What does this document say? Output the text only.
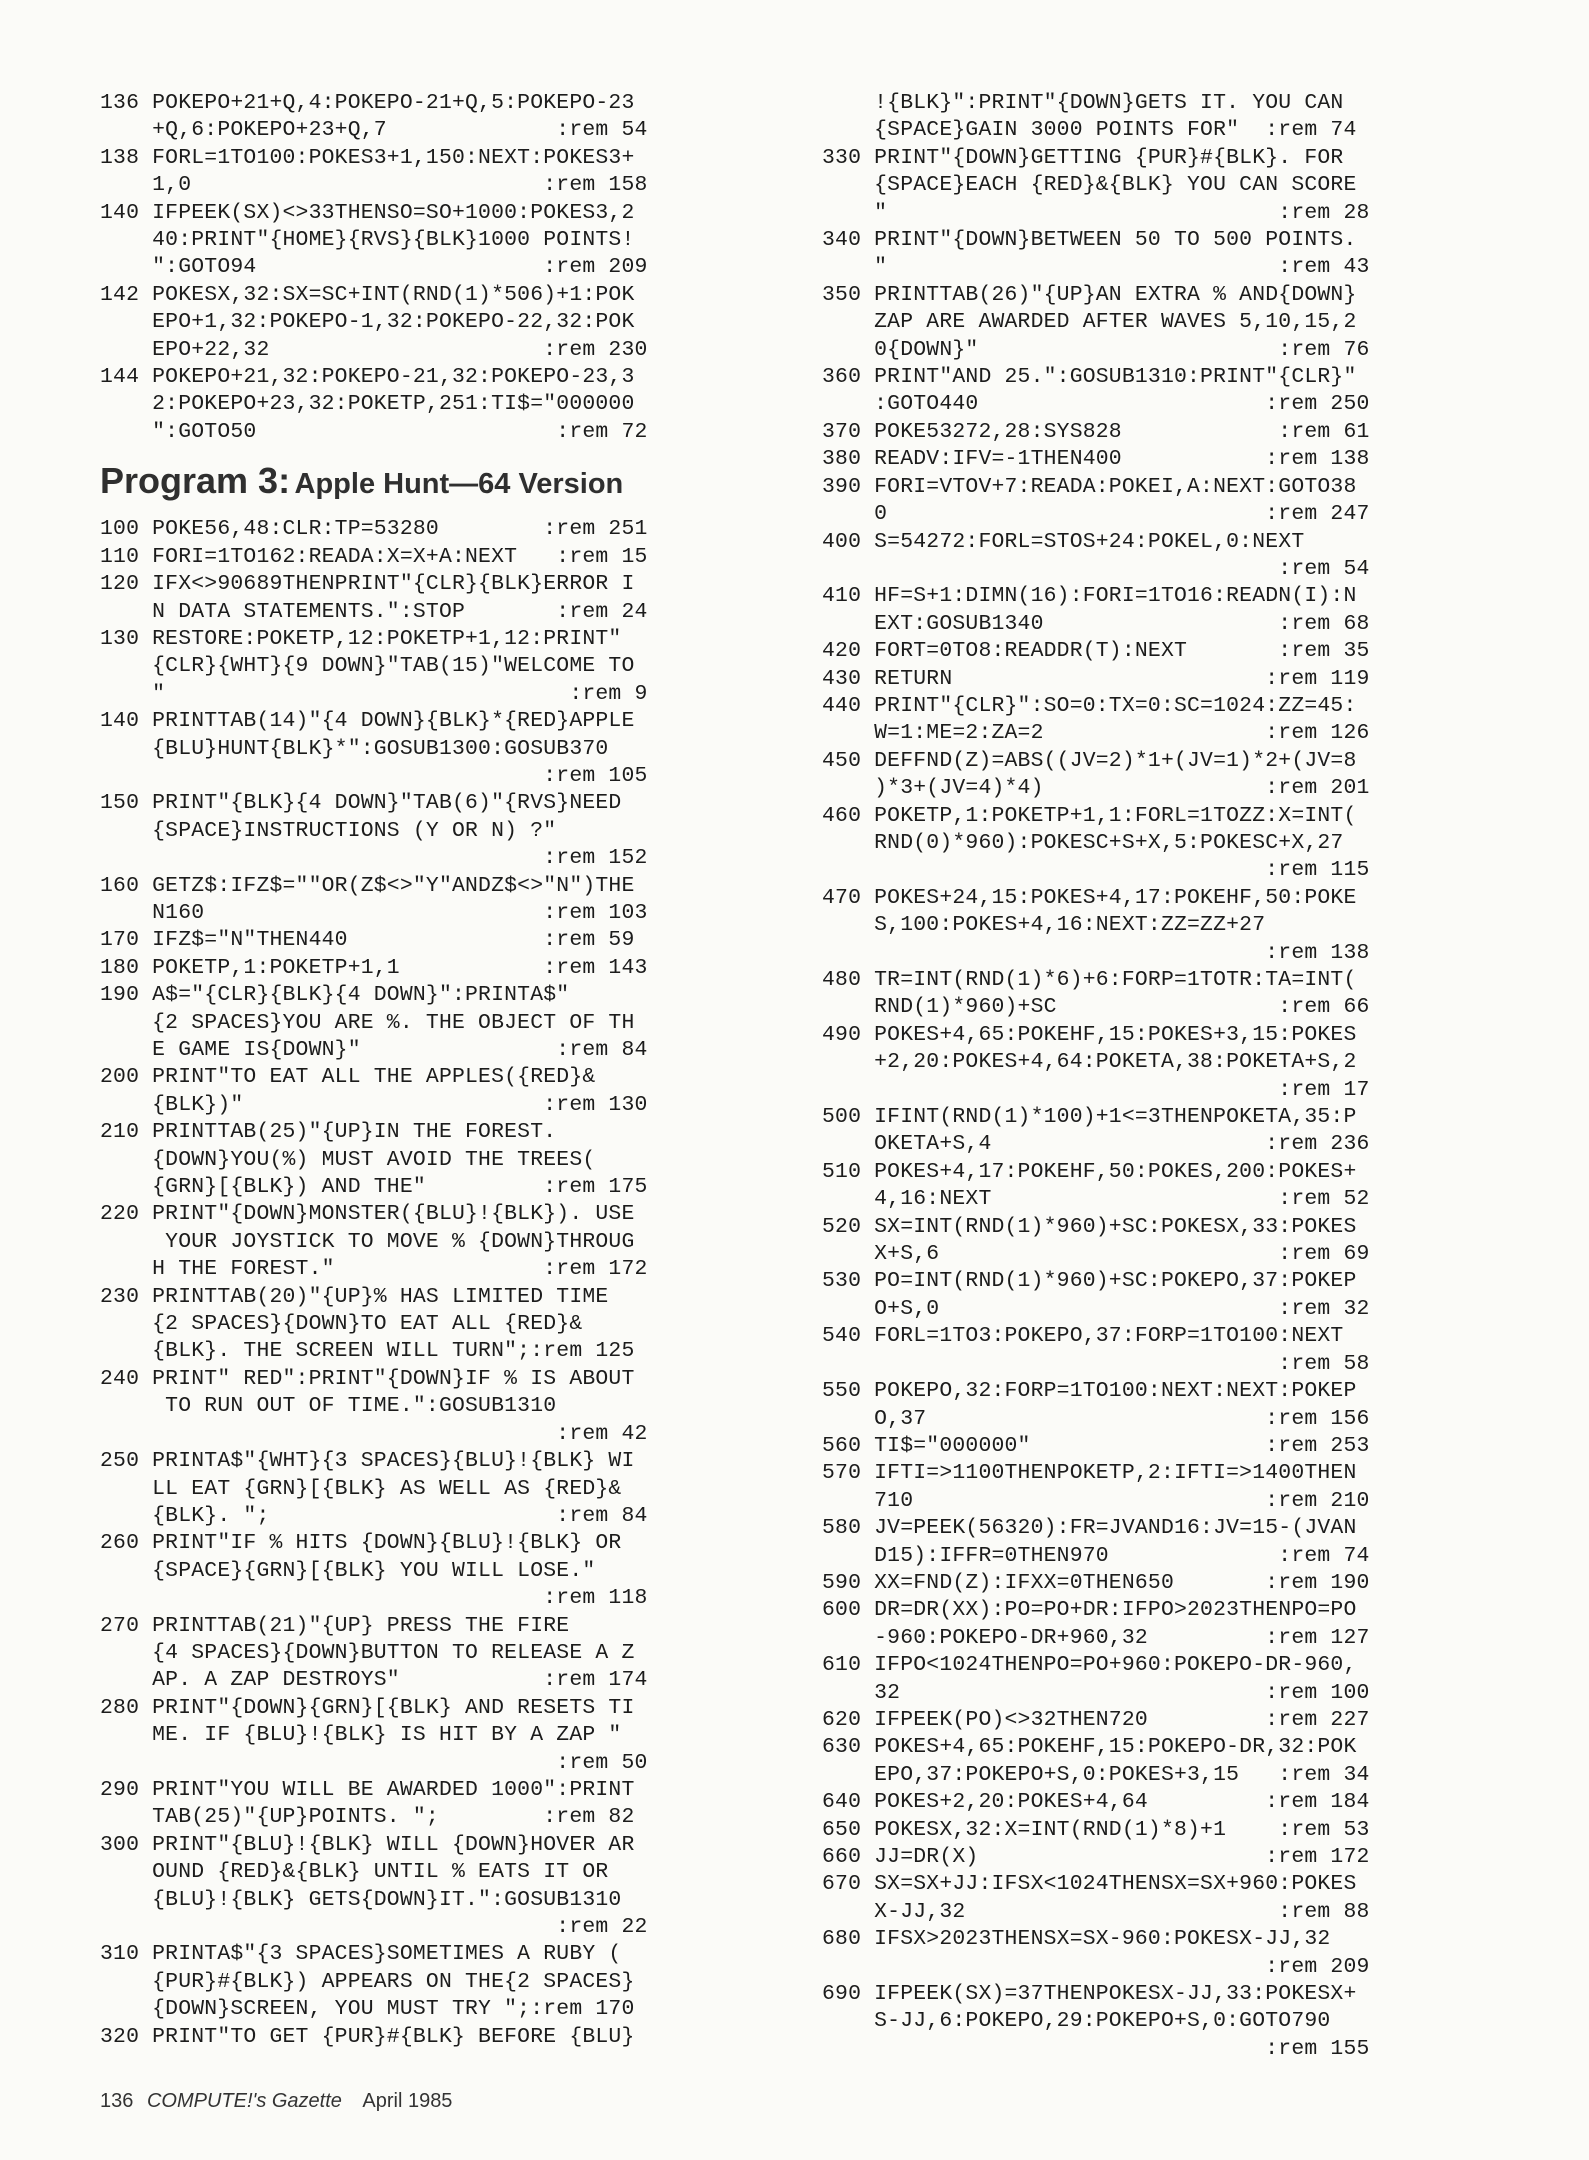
136 POKEPO+21+Q,4:POKEPO-21+Q,5:POKEPO-23
+Q,6:POKEPO+23+Q,7             :rem 54
138 FORL=1TO100:POKES3+1,150:NEXT:POKES3+
1,0                           :rem 158
140 IFPEEK(SX)<>33THENSO=SO+1000:POKES3,2
40:PRINT"{HOME}{RVS}{BLK}1000 POINTS!
":GOTO94                      :rem 209
142 POKESX,32:SX=SC+INT(RND(1)*506)+1:POK
EPO+1,32:POKEPO-1,32:POKEPO-22,32:POK
EPO+22,32                     :rem 230
144 POKEPO+21,32:POKEPO-21,32:POKEPO-23,3
2:POKEPO+23,32:POKETP,251:TI$="000000
":GOTO50                       :rem 72
Program 3: Apple Hunt—64 Version
100 POKE56,48:CLR:TP=53280        :rem 251
110 FORI=1TO162:READA:X=X+A:NEXT   :rem 15
120 IFX<>90689THENPRINT"{CLR}{BLK}ERROR I
N DATA STATEMENTS.":STOP       :rem 24
130 RESTORE:POKETP,12:POKETP+1,12:PRINT"
{CLR}{WHT}{9 DOWN}"TAB(15)"WELCOME TO
"                               :rem 9
140 PRINTTAB(14)"{4 DOWN}{BLK}*{RED}APPLE
{BLU}HUNT{BLK}*":GOSUB1300:GOSUB370
:rem 105
150 PRINT"{BLK}{4 DOWN}"TAB(6)"{RVS}NEED
{SPACE}INSTRUCTIONS (Y OR N) ?"
:rem 152
160 GETZ$:IFZ$=""OR(Z$<>"Y"ANDZ$<>"N")THE
N160                          :rem 103
170 IFZ$="N"THEN440               :rem 59
180 POKETP,1:POKETP+1,1           :rem 143
190 A$="{CLR}{BLK}{4 DOWN}":PRINTA$"
{2 SPACES}YOU ARE %. THE OBJECT OF TH
E GAME IS{DOWN}"               :rem 84
200 PRINT"TO EAT ALL THE APPLES({RED}&
{BLK})"                       :rem 130
210 PRINTTAB(25)"{UP}IN THE FOREST.
{DOWN}YOU(%) MUST AVOID THE TREES(
{GRN}[{BLK}) AND THE"         :rem 175
220 PRINT"{DOWN}MONSTER({BLU}!{BLK}). USE
YOUR JOYSTICK TO MOVE % {DOWN}THROUG
H THE FOREST."                :rem 172
230 PRINTTAB(20)"{UP}% HAS LIMITED TIME
{2 SPACES}{DOWN}TO EAT ALL {RED}&
{BLK}. THE SCREEN WILL TURN";:rem 125
240 PRINT" RED":PRINT"{DOWN}IF % IS ABOUT
TO RUN OUT OF TIME.":GOSUB1310
:rem 42
250 PRINTA$"{WHT}{3 SPACES}{BLU}!{BLK} WI
LL EAT {GRN}[{BLK} AS WELL AS {RED}&
{BLK}. ";                      :rem 84
260 PRINT"IF % HITS {DOWN}{BLU}!{BLK} OR
{SPACE}{GRN}[{BLK} YOU WILL LOSE."
:rem 118
270 PRINTTAB(21)"{UP} PRESS THE FIRE
{4 SPACES}{DOWN}BUTTON TO RELEASE A Z
AP. A ZAP DESTROYS"           :rem 174
280 PRINT"{DOWN}{GRN}[{BLK} AND RESETS TI
ME. IF {BLU}!{BLK} IS HIT BY A ZAP "
:rem 50
290 PRINT"YOU WILL BE AWARDED 1000":PRINT
TAB(25)"{UP}POINTS. ";        :rem 82
300 PRINT"{BLU}!{BLK} WILL {DOWN}HOVER AR
OUND {RED}&{BLK} UNTIL % EATS IT OR
{BLU}!{BLK} GETS{DOWN}IT.":GOSUB1310
:rem 22
310 PRINTA$"{3 SPACES}SOMETIMES A RUBY (
{PUR}#{BLK}) APPEARS ON THE{2 SPACES}
{DOWN}SCREEN, YOU MUST TRY ";:rem 170
320 PRINT"TO GET {PUR}#{BLK} BEFORE {BLU}
!{BLK}":PRINT"{DOWN}GETS IT. YOU CAN
{SPACE}GAIN 3000 POINTS FOR"  :rem 74
330 PRINT"{DOWN}GETTING {PUR}#{BLK}. FOR
{SPACE}EACH {RED}&{BLK} YOU CAN SCORE
"                              :rem 28
340 PRINT"{DOWN}BETWEEN 50 TO 500 POINTS.
"                              :rem 43
350 PRINTTAB(26)"{UP}AN EXTRA % AND{DOWN}
ZAP ARE AWARDED AFTER WAVES 5,10,15,2
0{DOWN}"                       :rem 76
360 PRINT"AND 25.":GOSUB1310:PRINT"{CLR}"
:GOTO440                      :rem 250
370 POKE53272,28:SYS828            :rem 61
380 READV:IFV=-1THEN400           :rem 138
390 FORI=VTOV+7:READA:POKEI,A:NEXT:GOTO38
0                             :rem 247
400 S=54272:FORL=STOS+24:POKEL,0:NEXT
:rem 54
410 HF=S+1:DIMN(16):FORI=1TO16:READN(I):N
EXT:GOSUB1340                  :rem 68
420 FORT=0TO8:READDR(T):NEXT       :rem 35
430 RETURN                        :rem 119
440 PRINT"{CLR}":SO=0:TX=0:SC=1024:ZZ=45:
W=1:ME=2:ZA=2                 :rem 126
450 DEFFND(Z)=ABS((JV=2)*1+(JV=1)*2+(JV=8
)*3+(JV=4)*4)                 :rem 201
460 POKETP,1:POKETP+1,1:FORL=1TOZZ:X=INT(
RND(0)*960):POKESC+S+X,5:POKESC+X,27
:rem 115
470 POKES+24,15:POKES+4,17:POKEHF,50:POKE
S,100:POKES+4,16:NEXT:ZZ=ZZ+27
:rem 138
480 TR=INT(RND(1)*6)+6:FORP=1TOTR:TA=INT(
RND(1)*960)+SC                 :rem 66
490 POKES+4,65:POKEHF,15:POKES+3,15:POKES
+2,20:POKES+4,64:POKETA,38:POKETA+S,2
:rem 17
500 IFINT(RND(1)*100)+1<=3THENPOKETA,35:P
OKETA+S,4                     :rem 236
510 POKES+4,17:POKEHF,50:POKES,200:POKES+
4,16:NEXT                      :rem 52
520 SX=INT(RND(1)*960)+SC:POKESX,33:POKES
X+S,6                          :rem 69
530 PO=INT(RND(1)*960)+SC:POKEPO,37:POKEP
O+S,0                          :rem 32
540 FORL=1TO3:POKEPO,37:FORP=1TO100:NEXT
:rem 58
550 POKEPO,32:FORP=1TO100:NEXT:NEXT:POKEP
O,37                          :rem 156
560 TI$="000000"                  :rem 253
570 IFTI=>1100THENPOKETP,2:IFTI=>1400THEN
710                           :rem 210
580 JV=PEEK(56320):FR=JVAND16:JV=15-(JVAN
D15):IFFR=0THEN970             :rem 74
590 XX=FND(Z):IFXX=0THEN650       :rem 190
600 DR=DR(XX):PO=PO+DR:IFPO>2023THENPO=PO
-960:POKEPO-DR+960,32         :rem 127
610 IFPO<1024THENPO=PO+960:POKEPO-DR-960,
32                            :rem 100
620 IFPEEK(PO)<>32THEN720         :rem 227
630 POKES+4,65:POKEHF,15:POKEPO-DR,32:POK
EPO,37:POKEPO+S,0:POKES+3,15   :rem 34
640 POKES+2,20:POKES+4,64         :rem 184
650 POKESX,32:X=INT(RND(1)*8)+1    :rem 53
660 JJ=DR(X)                      :rem 172
670 SX=SX+JJ:IFSX<1024THENSX=SX+960:POKES
X-JJ,32                        :rem 88
680 IFSX>2023THENSX=SX-960:POKESX-JJ,32
:rem 209
690 IFPEEK(SX)=37THENPOKESX-JJ,33:POKESX+
S-JJ,6:POKEPO,29:POKEPO+S,0:GOTO790
:rem 155
136 COMPUTE!'s Gazette April 1985
